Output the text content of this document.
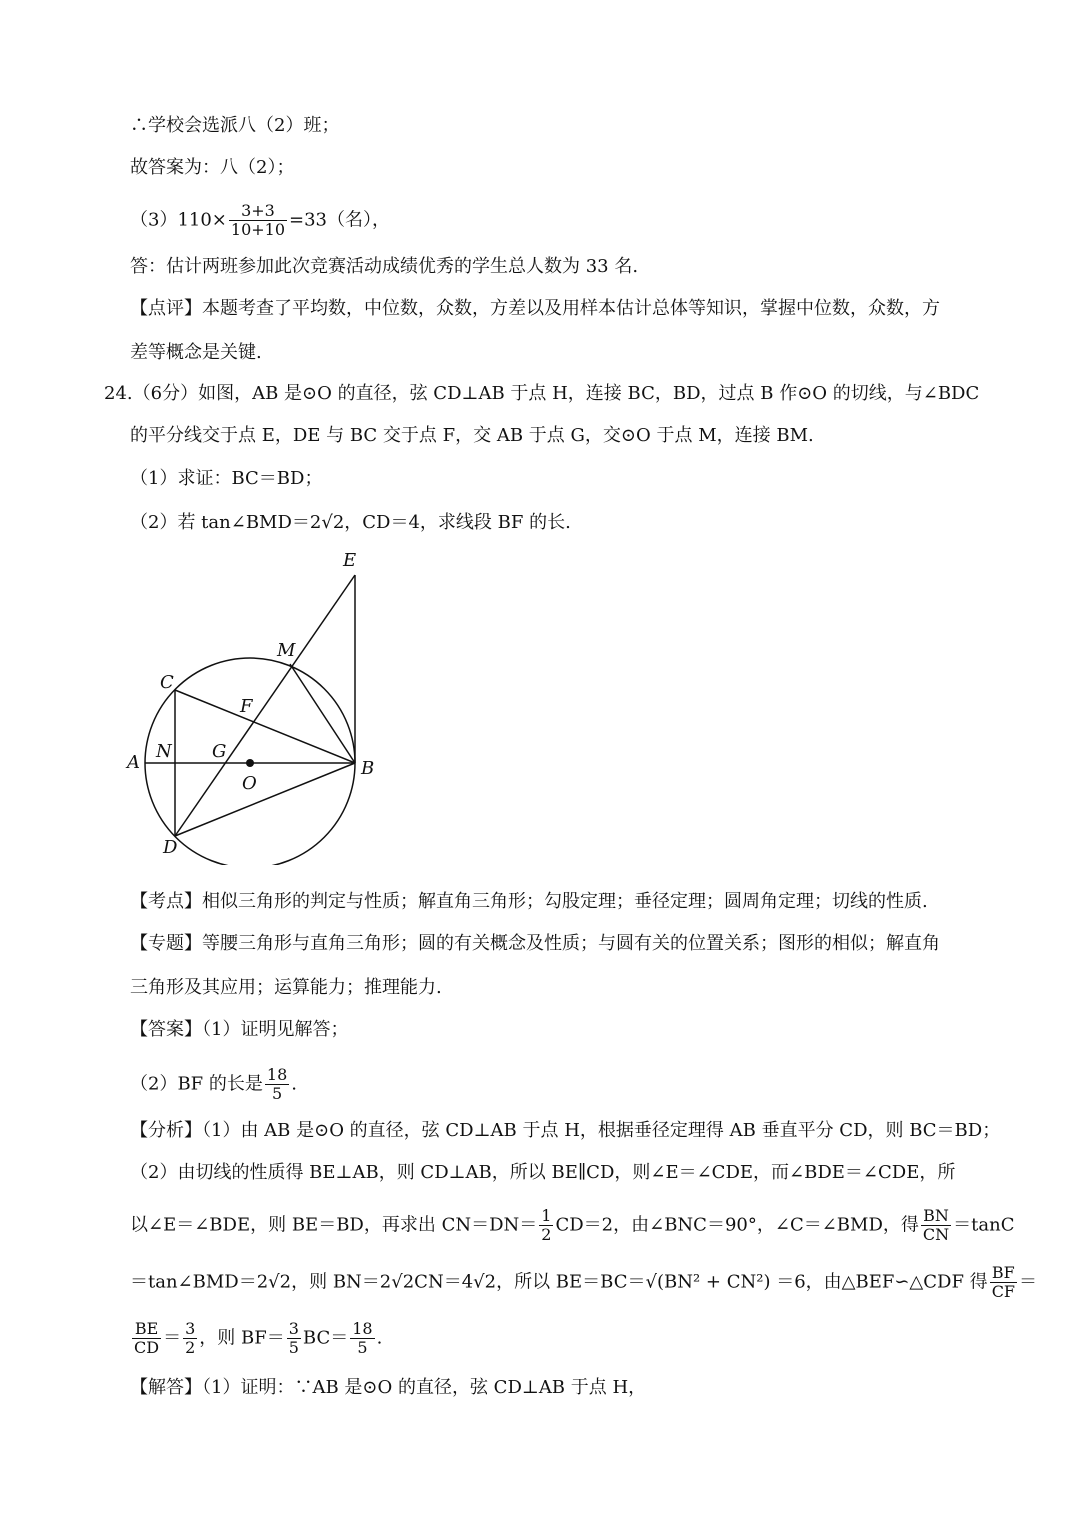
∴学校会选派八（2）班；
故答案为：八（2）；
$(3)110\times \frac{3+3}{10+10} =33$（名），
答：估计两班参加此次竞赛活动成绩优秀的学生总人数为 33 名.
【点评】本题考查了平均数，中位数，众数，方差以及用样本估计总体等知识，掌握中位数，众数，方
差等概念是关键.
24.（6分）如图，AB 是⊙O 的直径，弦 CD⊥AB 于点 H，连接 BC，BD，过点 B 作⊙O 的切线，与∠BDC
的平分线交于点 E，DE 与 BC 交于点 F，交 AB 于点 G，交⊙O 于点 M，连接 BM.
（1）求证：BC＝BD；
（2）若 tan∠BMD＝2√2，CD＝4，求线段 BF 的长.
E
M
C
F
A
N G
O
B
D
【考点】相似三角形的判定与性质；解直角三角形；勾股定理；垂径定理；圆周角定理；切线的性质.
【专题】等腰三角形与直角三角形；圆的有关概念及性质；与圆有关的位置关系；图形的相似；解直角
三角形及其应用；运算能力；推理能力.
【答案】（1）证明见解答；
（2）BF 的长是 $\frac{18}{5}$ .
【分析】（1）由 AB 是⊙O 的直径，弦 CD⊥AB 于点 H，根据垂径定理得 AB 垂直平分 CD，则 BC＝BD；
（2）由切线的性质得 BE⊥AB，则 CD⊥AB，所以 BE∥CD，则∠E＝∠CDE，而∠BDE＝∠CDE，所
以∠E＝∠BDE，则 BE＝BD，再求出 $CN=DN= \frac{1}{2} CD=2$，由∠BNC＝90°，∠C＝∠BMD，得 $\frac{BN}{CN} =\tan C$
＝tan∠BMD＝2√2，则 BN＝2√2CN＝4√2，所以 BE＝BC＝√(BN² + CN²) ＝6，由△BEF∽△CDF 得 $\frac{BF}{CF}$ ＝
$\frac{BE}{CD} = \frac{3}{2}$ ，则 $BF= \frac{3}{5} BC= \frac{18}{5}$ .
【解答】（1）证明：∵AB 是⊙O 的直径，弦 CD⊥AB 于点 H，
